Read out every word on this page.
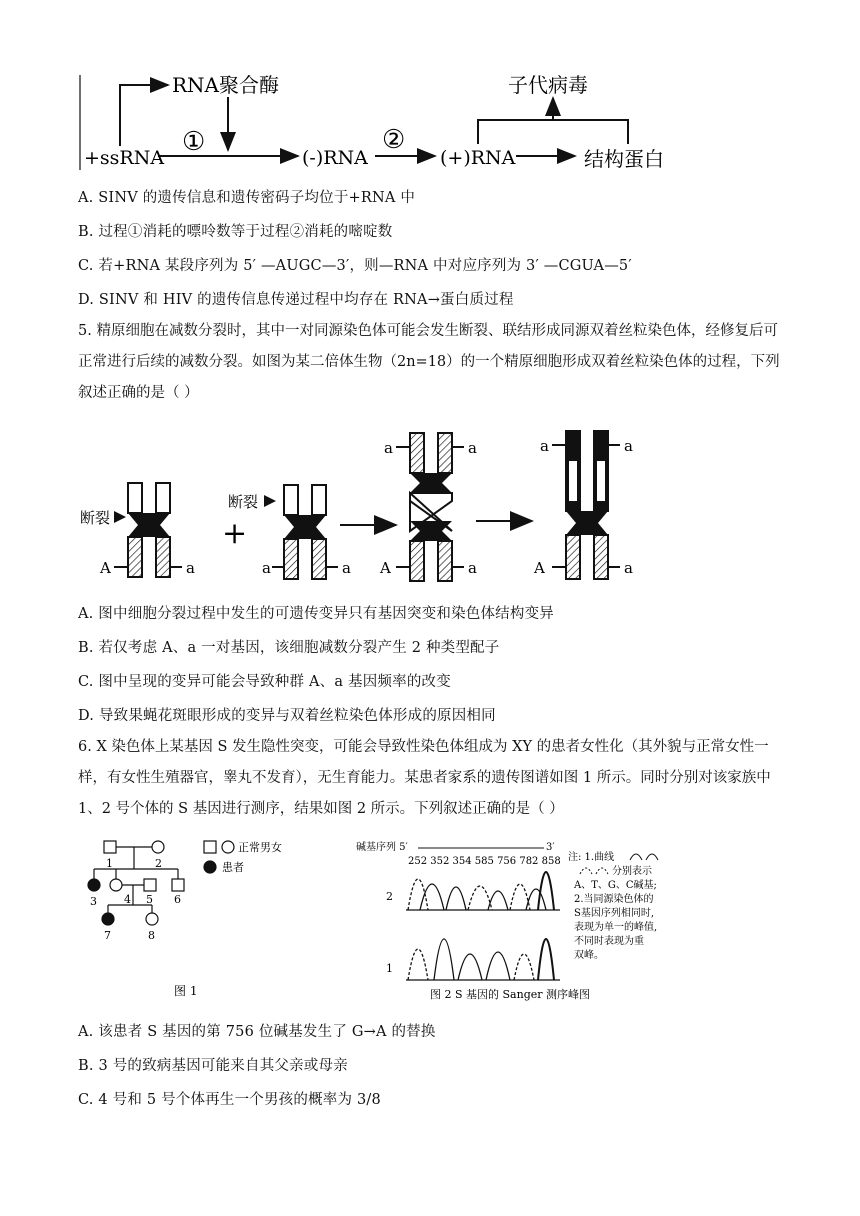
RNA聚合酶	子代病毒
+ssRNA
①	②
(-)RNA	(+)RNA	结构蛋白
A. SINV 的遗传信息和遗传密码子均位于+RNA 中
B. 过程①消耗的嘌呤数等于过程②消耗的嘧啶数
C. 若+RNA 某段序列为 5′ —AUGC—3′，则—RNA 中对应序列为 3′ —CGUA—5′
D. SINV 和 HIV 的遗传信息传递过程中均存在 RNA→蛋白质过程
5. 精原细胞在减数分裂时，其中一对同源染色体可能会发生断裂、联结形成同源双着丝粒染色体，经修复后可正常进行后续的减数分裂。如图为某二倍体生物（2n=18）的一个精原细胞形成双着丝粒染色体的过程，下列叙述正确的是（ ）
A	a
断裂	+
断裂
a	a
a	a
A	a
a	a
A	a
A. 图中细胞分裂过程中发生的可遗传变异只有基因突变和染色体结构变异
B. 若仅考虑 A、a 一对基因，该细胞减数分裂产生 2 种类型配子
C. 图中呈现的变异可能会导致种群 A、a 基因频率的改变
D. 导致果蝇花斑眼形成的变异与双着丝粒染色体形成的原因相同
6. X 染色体上某基因 S 发生隐性突变，可能会导致性染色体组成为 XY 的患者女性化（其外貌与正常女性一样，有女性生殖器官，睾丸不发育），无生育能力。某患者家系的遗传图谱如图 1 所示。同时分别对该家族中 1、2 号个体的 S 基因进行测序，结果如图 2 所示。下列叙述正确的是（ ）
1	2
3 4 5 6
7	8
正常男女
患者
图 1
碱基序列 5′	3′
252 352 354 585 756 782 858
2
1
注: 1.曲线
分别表示
A、T、G、C碱基;
2.当同源染色体的
S基因序列相同时,
表现为单一的峰值,
不同时表现为重
双峰。
图 2 S 基因的 Sanger 测序峰图
A. 该患者 S 基因的第 756 位碱基发生了 G→A 的替换
B. 3 号的致病基因可能来自其父亲或母亲
C. 4 号和 5 号个体再生一个男孩的概率为 3/8
